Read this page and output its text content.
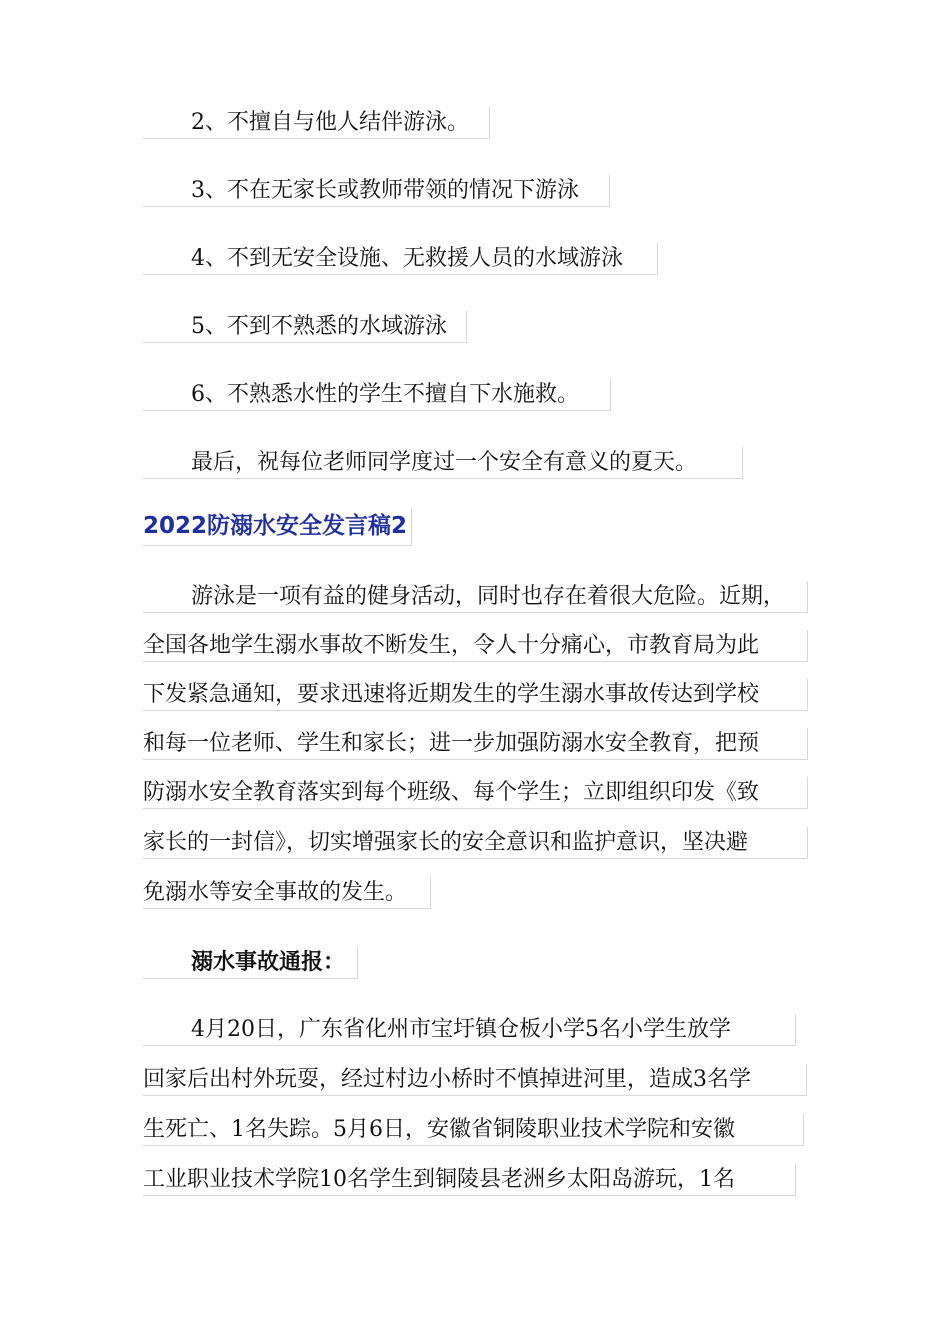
2、不擅自与他人结伴游泳。
3、不在无家长或教师带领的情况下游泳
4、不到无安全设施、无救援人员的水域游泳
5、不到不熟悉的水域游泳
6、不熟悉水性的学生不擅自下水施救。
最后，祝每位老师同学度过一个安全有意义的夏天。
2022防溺水安全发言稿2
游泳是一项有益的健身活动，同时也存在着很大危险。近期，
全国各地学生溺水事故不断发生，令人十分痛心，市教育局为此
下发紧急通知，要求迅速将近期发生的学生溺水事故传达到学校
和每一位老师、学生和家长；进一步加强防溺水安全教育，把预
防溺水安全教育落实到每个班级、每个学生；立即组织印发《致
家长的一封信》，切实增强家长的安全意识和监护意识，坚决避
免溺水等安全事故的发生。
溺水事故通报：
4月20日，广东省化州市宝圩镇仓板小学5名小学生放学
回家后出村外玩耍，经过村边小桥时不慎掉进河里，造成3名学
生死亡、1名失踪。5月6日，安徽省铜陵职业技术学院和安徽
工业职业技术学院10名学生到铜陵县老洲乡太阳岛游玩，1名
